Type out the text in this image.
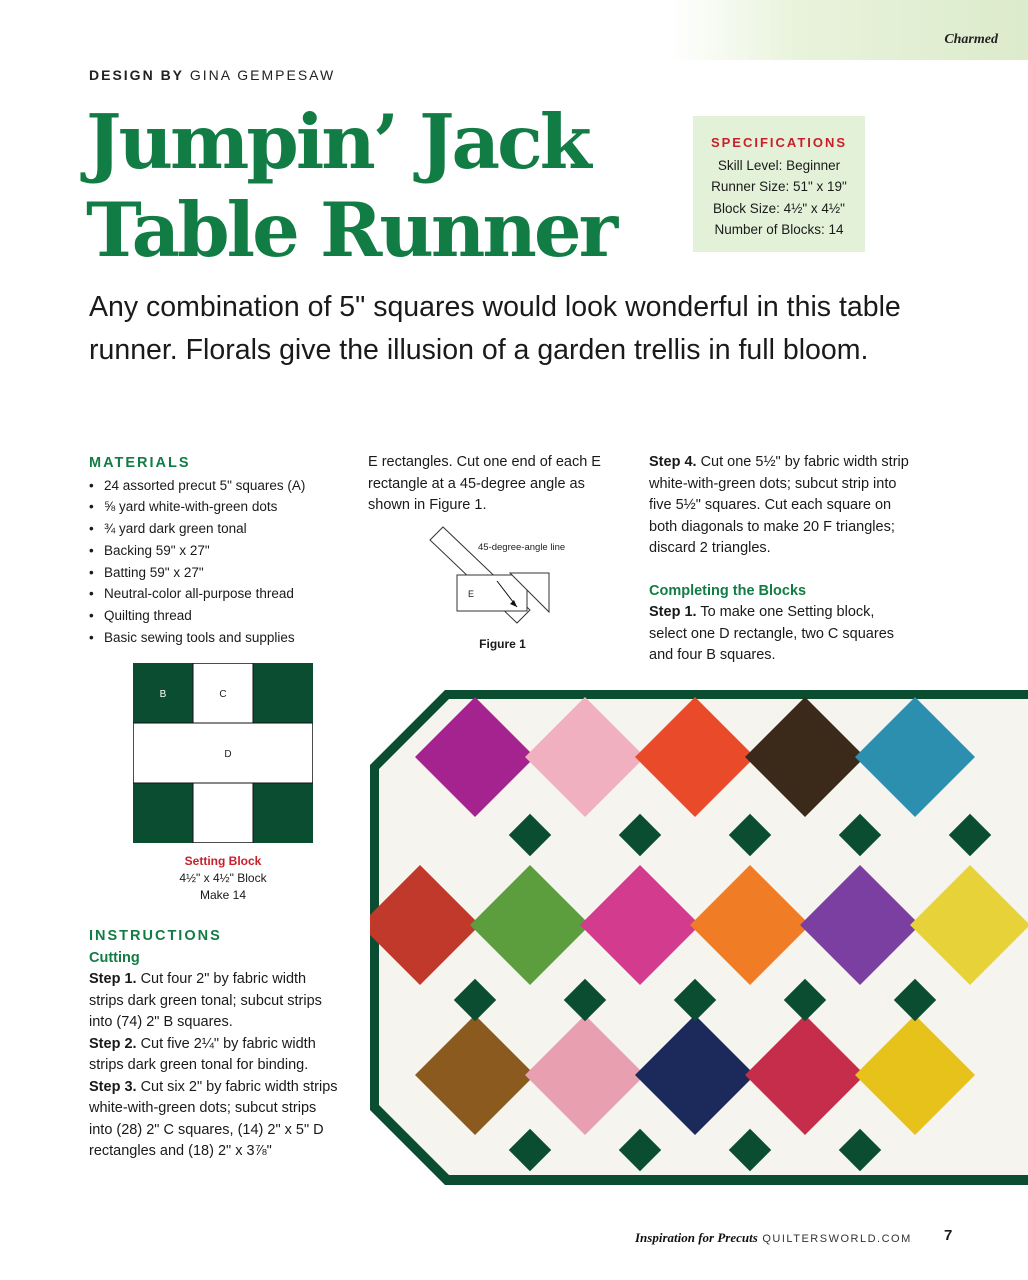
Charmed
DESIGN BY GINA GEMPESAW
Jumpin’ Jack
Table Runner
SPECIFICATIONS
Skill Level: Beginner
Runner Size: 51" x 19"
Block Size: 4½" x 4½"
Number of Blocks: 14
Any combination of 5" squares would look wonderful in this table runner. Florals give the illusion of a garden trellis in full bloom.
MATERIALS
• 24 assorted precut 5" squares (A)
• ⅝ yard white-with-green dots
• ¾ yard dark green tonal
• Backing 59" x 27"
• Batting 59" x 27"
• Neutral-color all-purpose thread
• Quilting thread
• Basic sewing tools and supplies
B	C
D
Setting Block
4½" x 4½" Block
Make 14
INSTRUCTIONS
Cutting

Step 1. Cut four 2" by fabric width strips dark green tonal; subcut strips into (74) 2" B squares.

Step 2. Cut five 2¼" by fabric width strips dark green tonal for binding.

Step 3. Cut six 2" by fabric width strips white-with-green dots; subcut strips into (28) 2" C squares, (14) 2" x 5" D rectangles and (18) 2" x 3⅞"

E rectangles. Cut one end of each E rectangle at a 45-degree angle as shown in Figure 1.
45-degree-angle line
E
Figure 1

Step 4. Cut one 5½" by fabric width strip white-with-green dots; subcut strip into five 5½" squares. Cut each square on both diagonals to make 20 F triangles; discard 2 triangles.

Completing the Blocks

Step 1. To make one Setting block, select one D rectangle, two C squares and four B squares.

Inspiration for Precuts QUILTERSWORLD.COM 7
